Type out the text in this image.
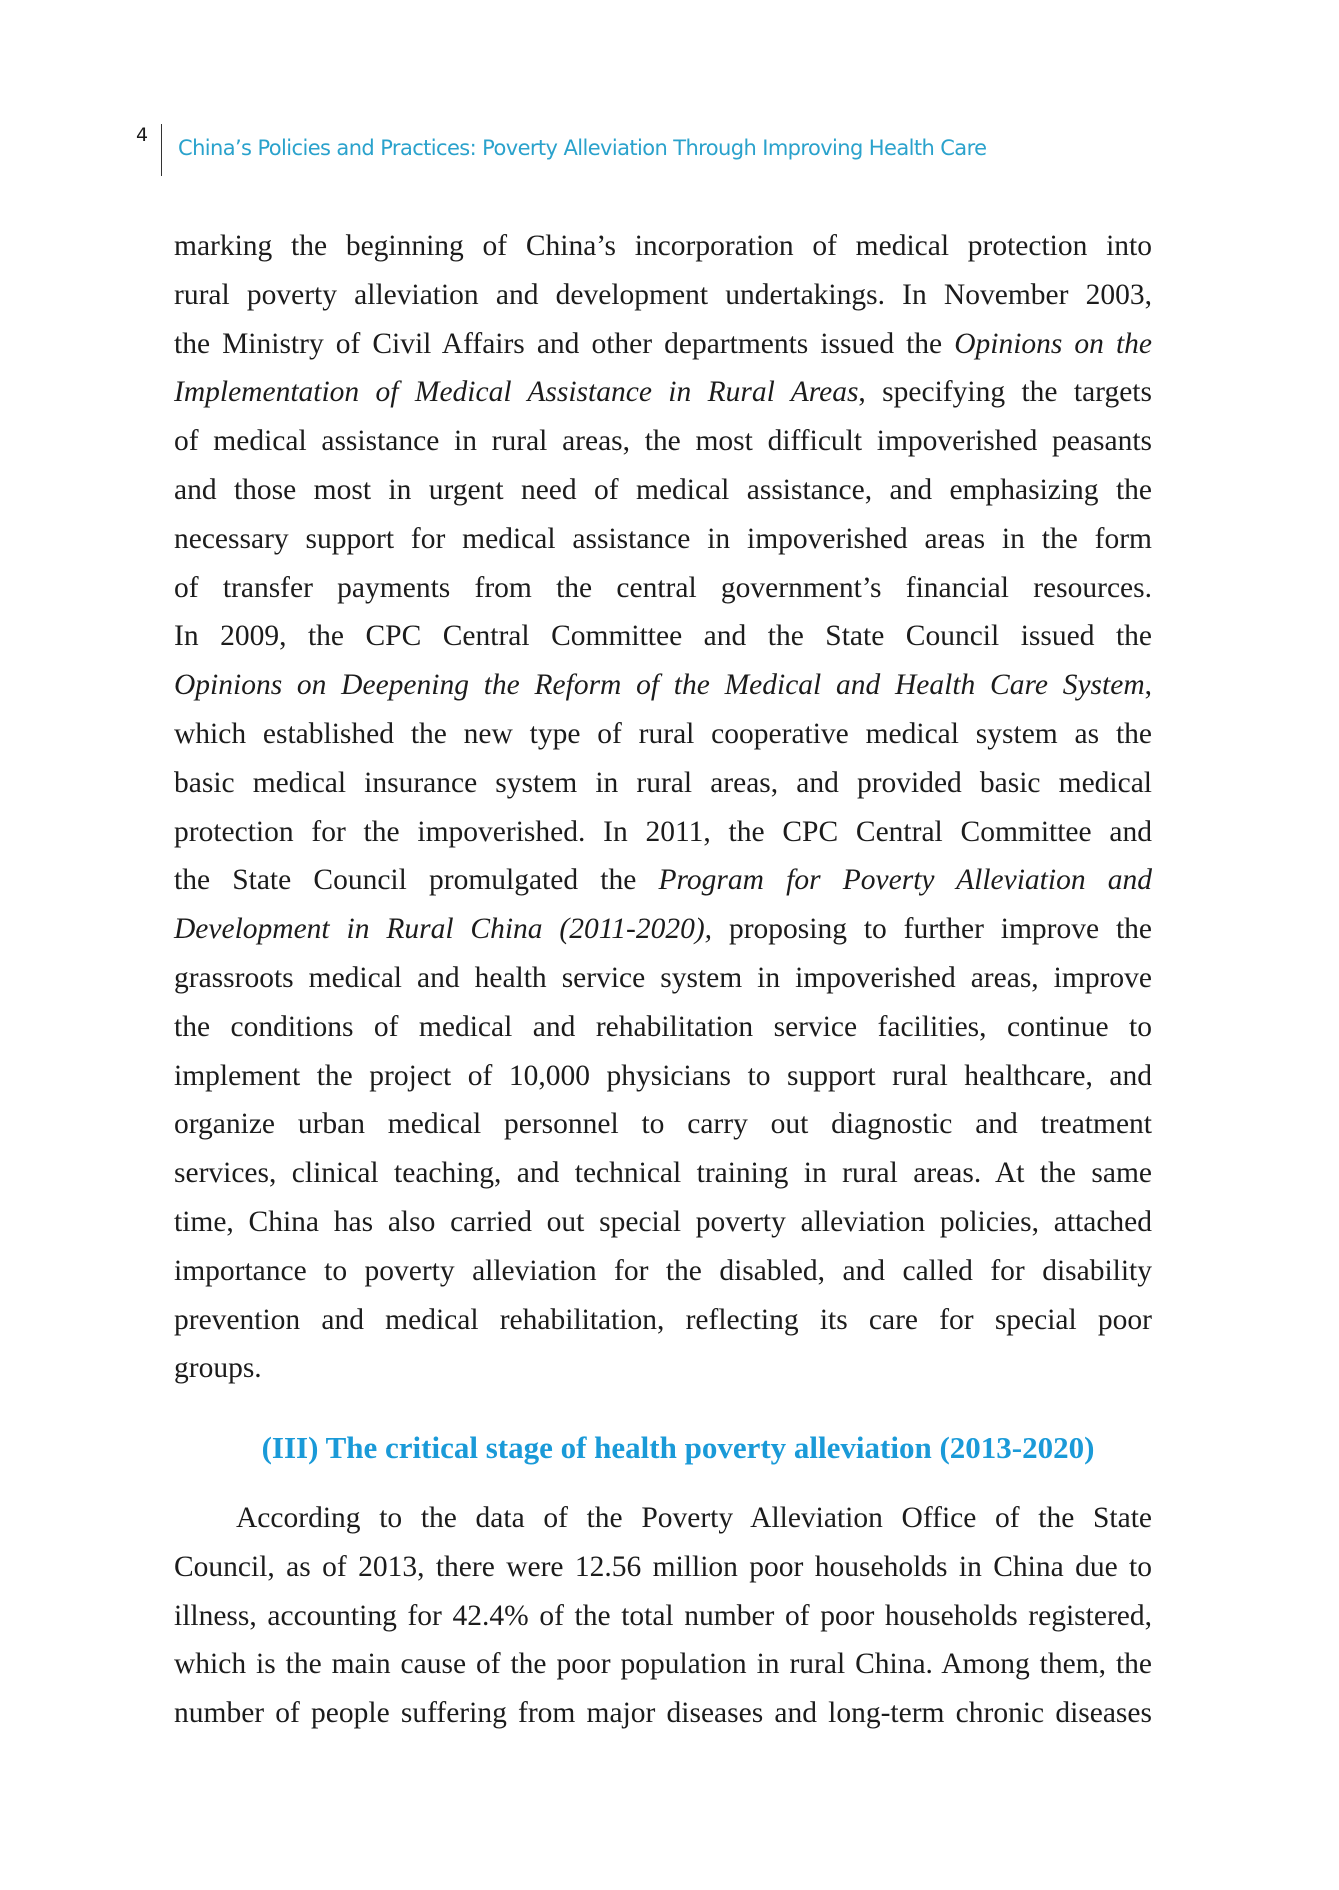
4
China’s Policies and Practices: Poverty Alleviation Through Improving Health Care
marking the beginning of China’s incorporation of medical protection into
rural poverty alleviation and development undertakings. In November 2003,
the Ministry of Civil Affairs and other departments issued the Opinions on the
Implementation of Medical Assistance in Rural Areas, specifying the targets
of medical assistance in rural areas, the most difficult impoverished peasants
and those most in urgent need of medical assistance, and emphasizing the
necessary support for medical assistance in impoverished areas in the form
of transfer payments from the central government’s financial resources.
In 2009, the CPC Central Committee and the State Council issued the
Opinions on Deepening the Reform of the Medical and Health Care System,
which established the new type of rural cooperative medical system as the
basic medical insurance system in rural areas, and provided basic medical
protection for the impoverished. In 2011, the CPC Central Committee and
the State Council promulgated the Program for Poverty Alleviation and
Development in Rural China (2011-2020), proposing to further improve the
grassroots medical and health service system in impoverished areas, improve
the conditions of medical and rehabilitation service facilities, continue to
implement the project of 10,000 physicians to support rural healthcare, and
organize urban medical personnel to carry out diagnostic and treatment
services, clinical teaching, and technical training in rural areas. At the same
time, China has also carried out special poverty alleviation policies, attached
importance to poverty alleviation for the disabled, and called for disability
prevention and medical rehabilitation, reflecting its care for special poor
groups.
(III) The critical stage of health poverty alleviation (2013-2020)
According to the data of the Poverty Alleviation Office of the State
Council, as of 2013, there were 12.56 million poor households in China due to
illness, accounting for 42.4% of the total number of poor households registered,
which is the main cause of the poor population in rural China. Among them, the
number of people suffering from major diseases and long-term chronic diseases
